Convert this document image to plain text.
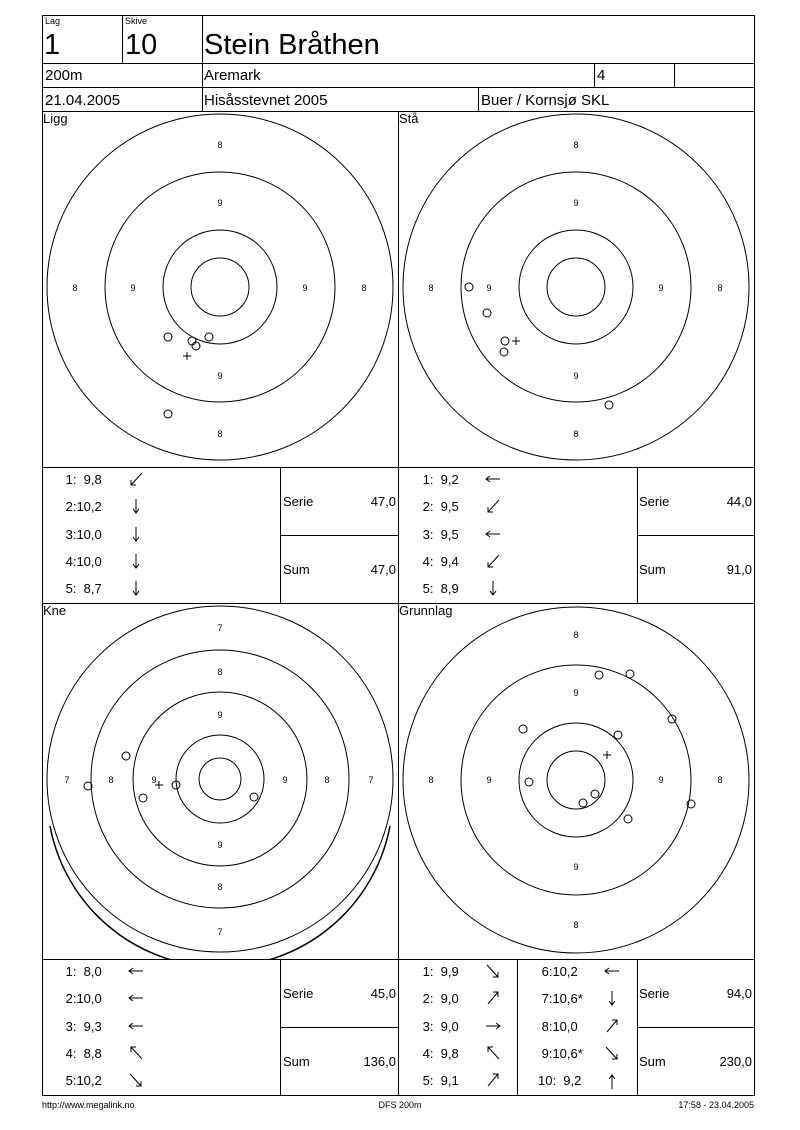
Lag
1
Skive
10 Stein Bråthen
200m	Aremark	4
21.04.2005	Hisåsstevnet 2005	Buer / Kornsjø SKL
Ligg	Stå
Kne	Grunnlag
8
9
9
8
8	9	9	8
8
9
9
8
8	9	9	8
7
8
9
9
8
7
7	8	9	9	8	7
8
9
9
8
8	9	9	8
1:  9,8
2:10,2
3:10,0
4:10,0
5:  8,7
1:  9,2
2:  9,5
3:  9,5
4:  9,4
5:  8,9
1:  8,0
2:10,0
3:  9,3
4:  8,8
5:10,2
1:  9,9
2:  9,0
3:  9,0
4:  9,8
5:  9,1
6:10,2
7:10,6*
8:10,0
9:10,6*
10:  9,2
Serie	47,0
Sum	47,0
Serie	44,0
Sum	91,0
Serie	45,0
Sum	136,0
Serie	94,0
Sum	230,0
http://www.megalink.no	DFS 200m	17:58 - 23.04.2005
